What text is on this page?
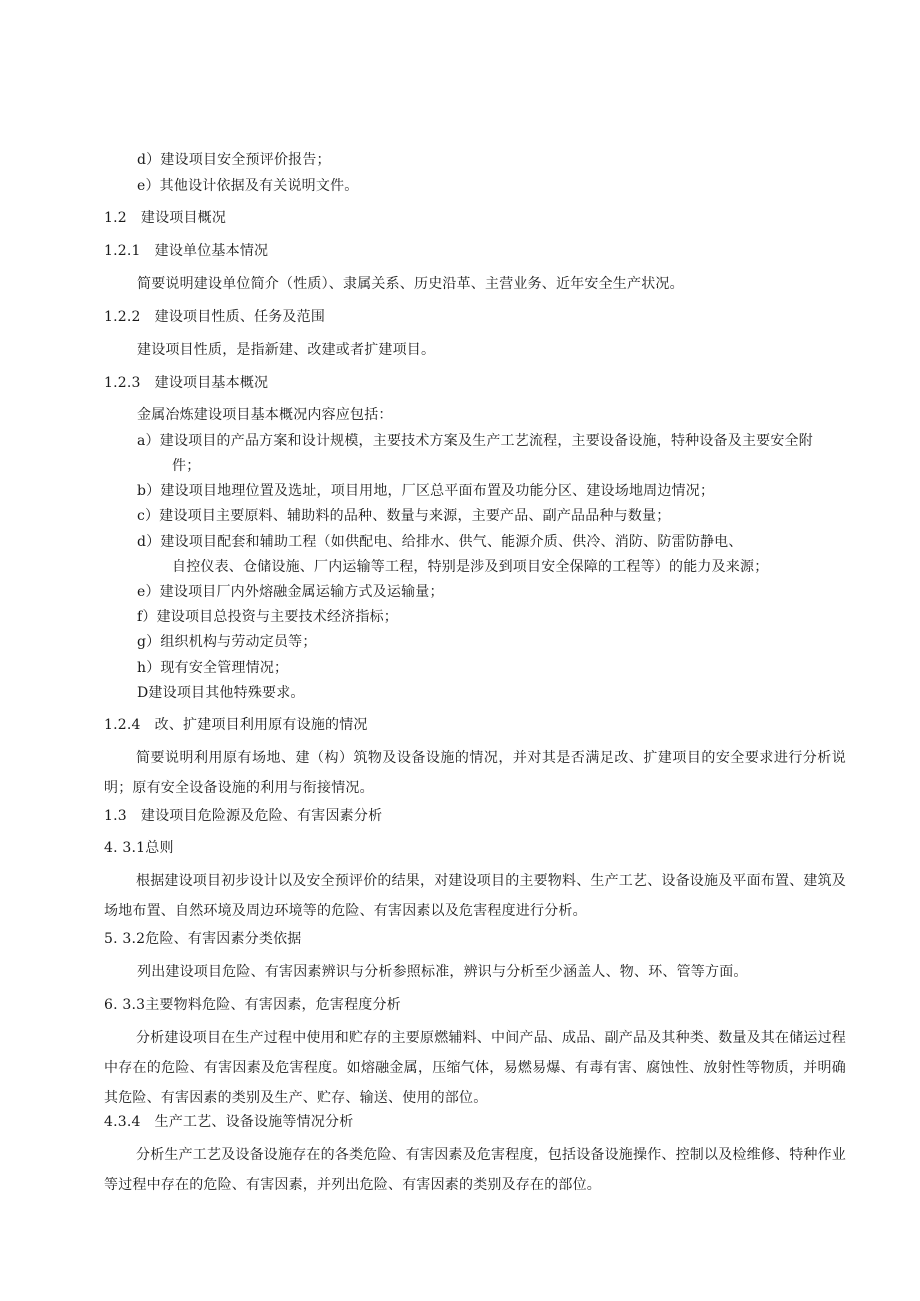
d）建设项目安全预评价报告；
e）其他设计依据及有关说明文件。
1.2 建设项目概况
1.2.1 建设单位基本情况
简要说明建设单位简介（性质）、隶属关系、历史沿革、主营业务、近年安全生产状况。
1.2.2 建设项目性质、任务及范围
建设项目性质，是指新建、改建或者扩建项目。
1.2.3 建设项目基本概况
金属冶炼建设项目基本概况内容应包括：
a）建设项目的产品方案和设计规模，主要技术方案及生产工艺流程，主要设备设施，特种设备及主要安全附
件；
b）建设项目地理位置及选址，项目用地，厂区总平面布置及功能分区、建设场地周边情况；
c）建设项目主要原料、辅助料的品种、数量与来源，主要产品、副产品品种与数量；
d）建设项目配套和辅助工程（如供配电、给排水、供气、能源介质、供冷、消防、防雷防静电、
自控仪表、仓储设施、厂内运输等工程，特别是涉及到项目安全保障的工程等）的能力及来源；
e）建设项目厂内外熔融金属运输方式及运输量；
f）建设项目总投资与主要技术经济指标；
g）组织机构与劳动定员等；
h）现有安全管理情况；
D建设项目其他特殊要求。
1.2.4 改、扩建项目利用原有设施的情况
简要说明利用原有场地、建（构）筑物及设备设施的情况，并对其是否满足改、扩建项目的安全要求进行分析说明；原有安全设备设施的利用与衔接情况。
1.3 建设项目危险源及危险、有害因素分析
4. 3.1总则
根据建设项目初步设计以及安全预评价的结果，对建设项目的主要物料、生产工艺、设备设施及平面布置、建筑及场地布置、自然环境及周边环境等的危险、有害因素以及危害程度进行分析。
5. 3.2危险、有害因素分类依据
列出建设项目危险、有害因素辨识与分析参照标准，辨识与分析至少涵盖人、物、环、管等方面。
6. 3.3主要物料危险、有害因素，危害程度分析
分析建设项目在生产过程中使用和贮存的主要原燃辅料、中间产品、成品、副产品及其种类、数量及其在储运过程中存在的危险、有害因素及危害程度。如熔融金属，压缩气体，易燃易爆、有毒有害、腐蚀性、放射性等物质，并明确其危险、有害因素的类别及生产、贮存、输送、使用的部位。
4.3.4 生产工艺、设备设施等情况分析
分析生产工艺及设备设施存在的各类危险、有害因素及危害程度，包括设备设施操作、控制以及检维修、特种作业等过程中存在的危险、有害因素，并列出危险、有害因素的类别及存在的部位。
